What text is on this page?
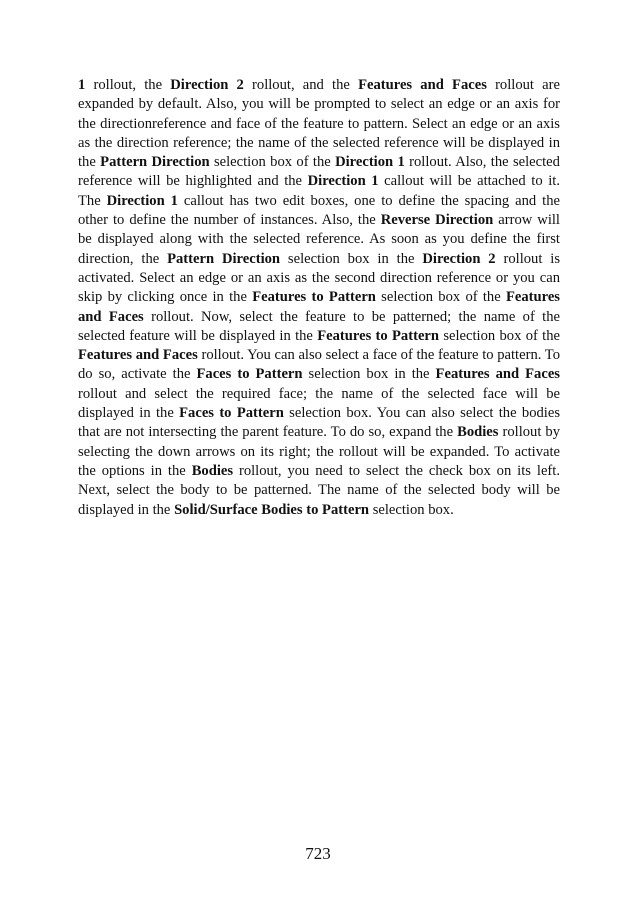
1 rollout, the Direction 2 rollout, and the Features and Faces rollout are expanded by default. Also, you will be prompted to select an edge or an axis for the directionreference and face of the feature to pattern. Select an edge or an axis as the direction reference; the name of the selected reference will be displayed in the Pattern Direction selection box of the Direction 1 rollout. Also, the selected reference will be highlighted and the Direction 1 callout will be attached to it. The Direction 1 callout has two edit boxes, one to define the spacing and the other to define the number of instances. Also, the Reverse Direction arrow will be displayed along with the selected reference. As soon as you define the first direction, the Pattern Direction selection box in the Direction 2 rollout is activated. Select an edge or an axis as the second direction reference or you can skip by clicking once in the Features to Pattern selection box of the Features and Faces rollout. Now, select the feature to be patterned; the name of the selected feature will be displayed in the Features to Pattern selection box of the Features and Faces rollout. You can also select a face of the feature to pattern. To do so, activate the Faces to Pattern selection box in the Features and Faces rollout and select the required face; the name of the selected face will be displayed in the Faces to Pattern selection box. You can also select the bodies that are not intersecting the parent feature. To do so, expand the Bodies rollout by selecting the down arrows on its right; the rollout will be expanded. To activate the options in the Bodies rollout, you need to select the check box on its left. Next, select the body to be patterned. The name of the selected body will be displayed in the Solid/Surface Bodies to Pattern selection box.

723
